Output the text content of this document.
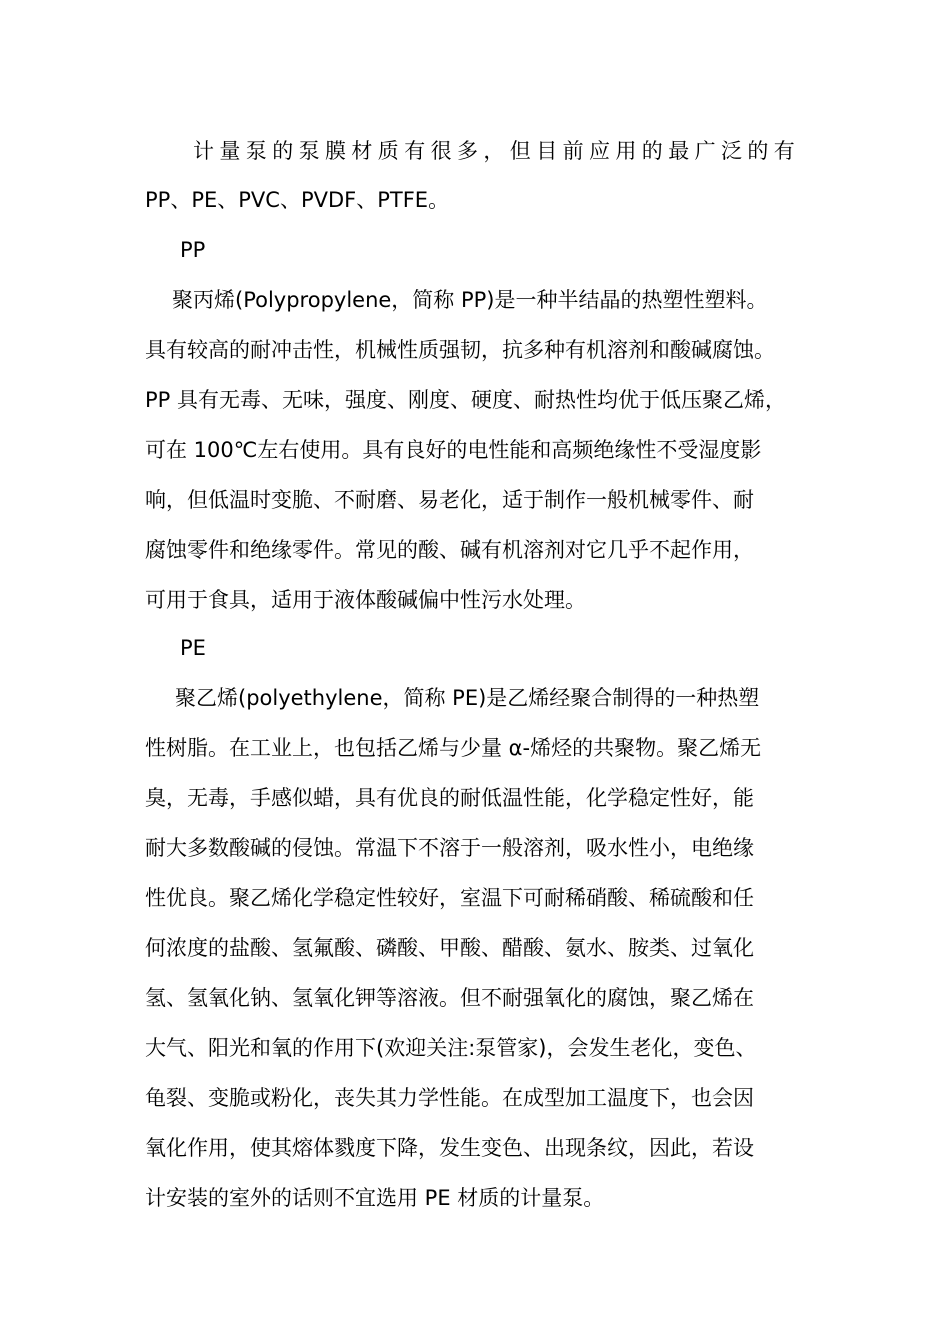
计量泵的泵膜材质有很多，但目前应用的最广泛的有

PP、PE、PVC、PVDF、PTFE。

PP

聚丙烯(Polypropylene，简称 PP)是一种半结晶的热塑性塑料。

具有较高的耐冲击性，机械性质强韧，抗多种有机溶剂和酸碱腐蚀。

PP 具有无毒、无味，强度、刚度、硬度、耐热性均优于低压聚乙烯，

可在 100℃左右使用。具有良好的电性能和高频绝缘性不受湿度影

响，但低温时变脆、不耐磨、易老化，适于制作一般机械零件、耐

腐蚀零件和绝缘零件。常见的酸、碱有机溶剂对它几乎不起作用，

可用于食具，适用于液体酸碱偏中性污水处理。

PE

聚乙烯(polyethylene，简称 PE)是乙烯经聚合制得的一种热塑

性树脂。在工业上，也包括乙烯与少量 α-烯烃的共聚物。聚乙烯无

臭，无毒，手感似蜡，具有优良的耐低温性能，化学稳定性好，能

耐大多数酸碱的侵蚀。常温下不溶于一般溶剂，吸水性小，电绝缘

性优良。聚乙烯化学稳定性较好，室温下可耐稀硝酸、稀硫酸和任

何浓度的盐酸、氢氟酸、磷酸、甲酸、醋酸、氨水、胺类、过氧化

氢、氢氧化钠、氢氧化钾等溶液。但不耐强氧化的腐蚀，聚乙烯在

大气、阳光和氧的作用下(欢迎关注:泵管家)，会发生老化，变色、

龟裂、变脆或粉化，丧失其力学性能。在成型加工温度下，也会因

氧化作用，使其熔体戮度下降，发生变色、出现条纹，因此，若设

计安装的室外的话则不宜选用 PE 材质的计量泵。
